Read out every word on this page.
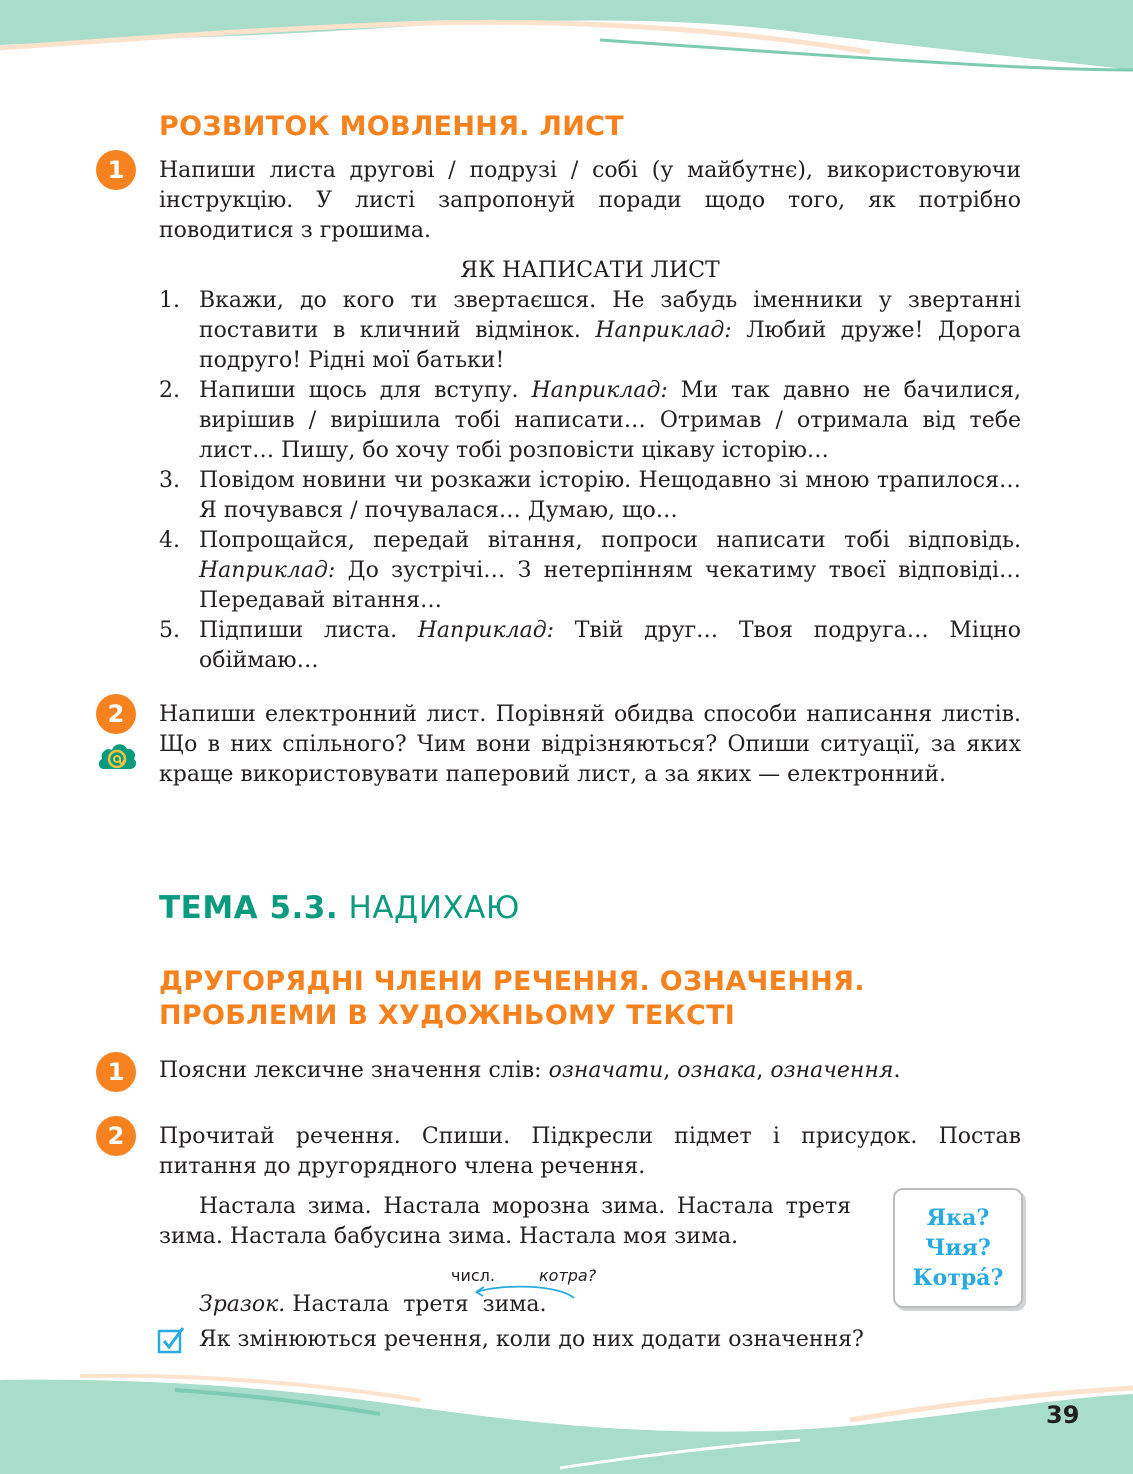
РОЗВИТОК МОВЛЕННЯ. ЛИСТ
1 Напиши листа другові / подрузі / собі (у майбутнє), використовуючи інструкцію. У листі запропонуй поради щодо того, як потрібно поводитися з грошима.
ЯК НАПИСАТИ ЛИСТ
1. Вкажи, до кого ти звертаєшся. Не забудь іменники у звертанні поставити в кличний відмінок. Наприклад: Любий друже! Дорога подруго! Рідні мої батьки!
2. Напиши щось для вступу. Наприклад: Ми так давно не бачилися, вирішив / вирішила тобі написати… Отримав / отримала від тебе лист… Пишу, бо хочу тобі розповісти цікаву історію…
3. Повідом новини чи розкажи історію. Нещодавно зі мною трапилося… Я почувався / почувалася… Думаю, що…
4. Попрощайся, передай вітання, попроси написати тобі відповідь. Наприклад: До зустрічі… З нетерпінням чекатиму твоєї відповіді… Передавай вітання…
5. Підпиши листа. Наприклад: Твій друг… Твоя подруга… Міцно обіймаю…
2 Напиши електронний лист. Порівняй обидва способи написання листів. Що в них спільного? Чим вони відрізняються? Опиши ситуації, за яких краще використовувати паперовий лист, а за яких — електронний.
ТЕМА 5.3. НАДИХАЮ
ДРУГОРЯДНІ ЧЛЕНИ РЕЧЕННЯ. ОЗНАЧЕННЯ.
ПРОБЛЕМИ В ХУДОЖНЬОМУ ТЕКСТІ
1 Поясни лексичне значення слів: означати, ознака, означення.
2 Прочитай речення. Спиши. Підкресли підмет і присудок. Постав питання до другорядного члена речення.
Настала зима. Настала морозна зима. Настала третя зима. Настала бабусина зима. Настала моя зима.
Яка?
Чия?
Котрá?
числ.	котра?
Зразок. Настала  третя  зима.
Як змінюються речення, коли до них додати означення?
39
